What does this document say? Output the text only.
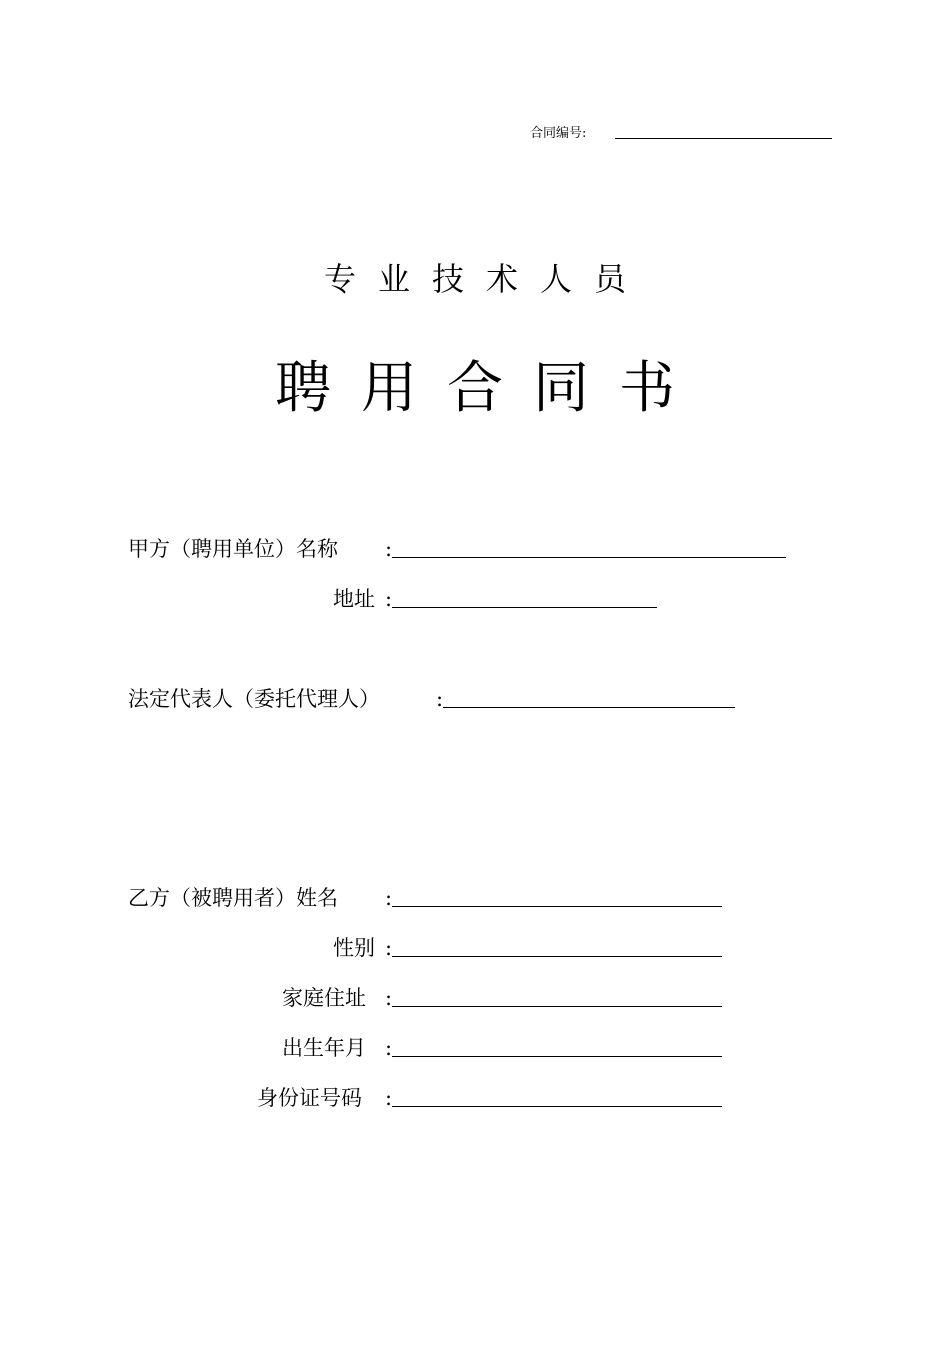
合同编号:
专业技术人员
聘用合同书
甲方（聘用单位）名称 :
地址 :
法定代表人（委托代理人）	:
乙方（被聘用者）姓名 :
性别 :
家庭住址 :
出生年月 :
身份证号码 :
